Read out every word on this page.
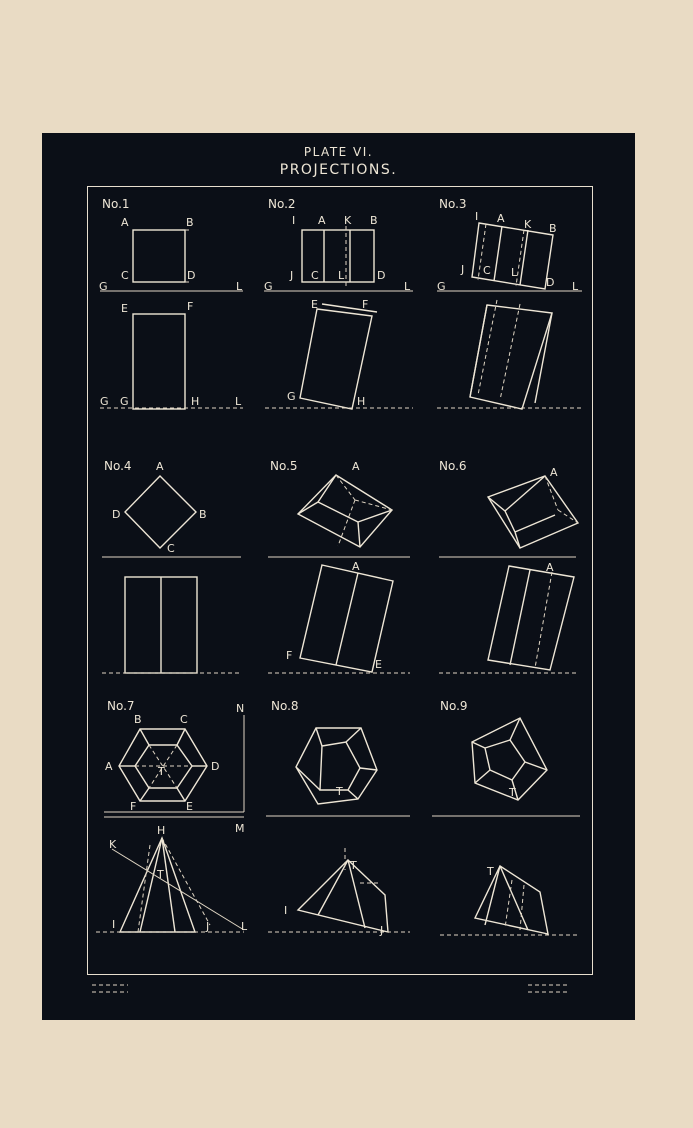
PLATE VI.
PROJECTIONS.
No.1
A	B
C	D
G	L
E	F
G G	H	L
No.2
I A K B
J C L	D
G	L
E	F
G	H
No.3
I A K B
J C L
D
G	L
No.4 A
B
C
D
No.5	A
A
F
E
No.6	A
A
No.7
B	C
A	D
F	E
T
N
M
H
K
T
I	J	L
No.8
T
T
I
J
No.9
T
T
